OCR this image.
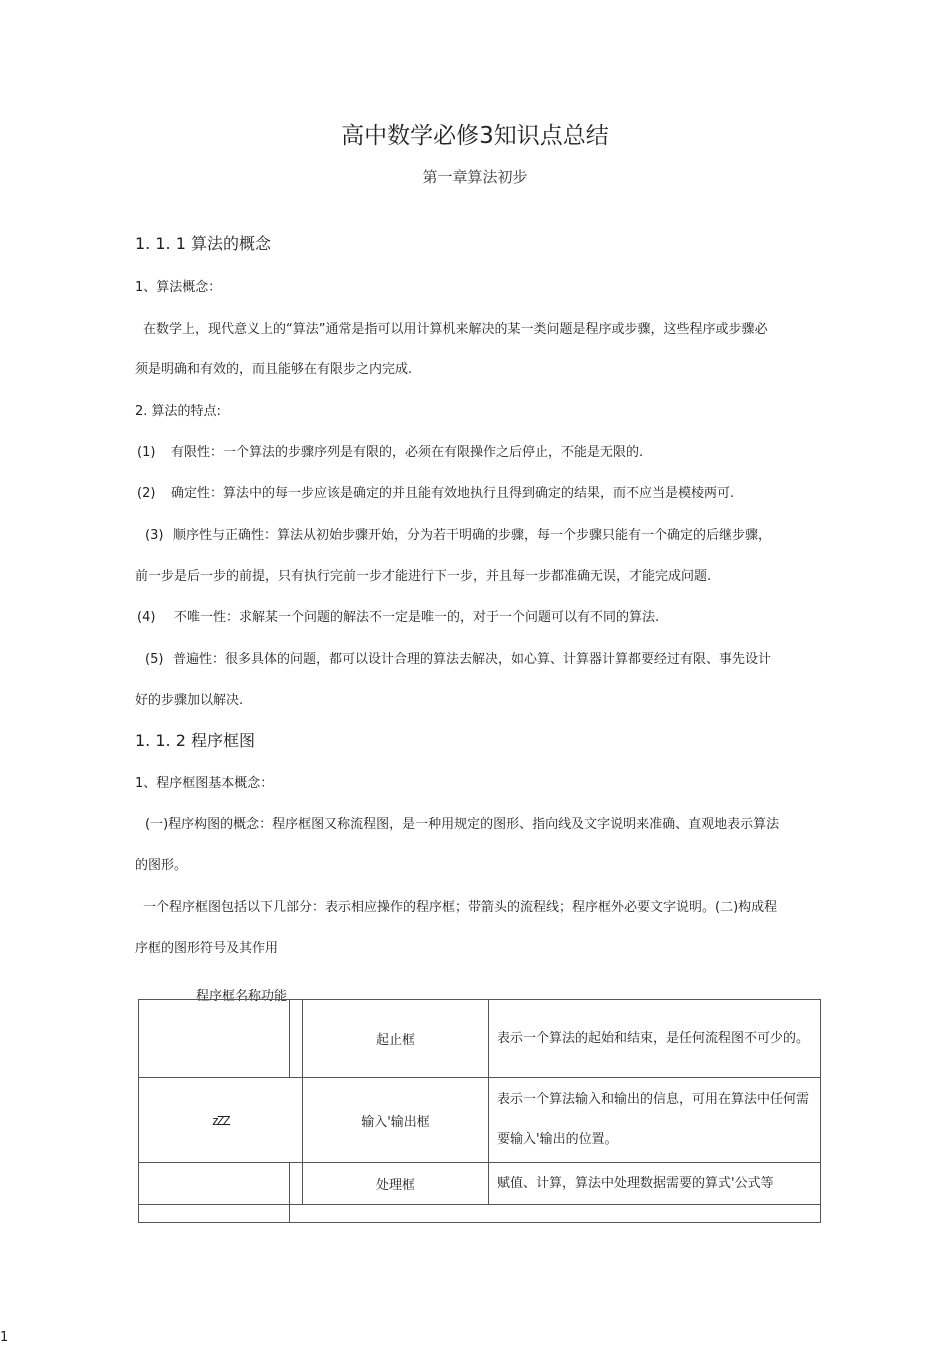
高中数学必修3知识点总结
第一章算法初步
1. 1. 1 算法的概念
1、算法概念：
在数学上，现代意义上的“算法”通常是指可以用计算机来解决的某一类问题是程序或步骤，这些程序或步骤必
须是明确和有效的，而且能够在有限步之内完成.
2. 算法的特点:
(1) 有限性：一个算法的步骤序列是有限的，必须在有限操作之后停止，不能是无限的.
(2) 确定性：算法中的每一步应该是确定的并且能有效地执行且得到确定的结果，而不应当是模棱两可.
(3) 顺序性与正确性：算法从初始步骤开始，分为若干明确的步骤，每一个步骤只能有一个确定的后继步骤，
前一步是后一步的前提，只有执行完前一步才能进行下一步，并且每一步都准确无误，才能完成问题.
(4) 不唯一性：求解某一个问题的解法不一定是唯一的，对于一个问题可以有不同的算法.
(5) 普遍性：很多具体的问题，都可以设计合理的算法去解决，如心算、计算器计算都要经过有限、事先设计
好的步骤加以解决.
1. 1. 2 程序框图
1、程序框图基本概念：
(一)程序构图的概念：程序框图又称流程图，是一种用规定的图形、指向线及文字说明来准确、直观地表示算法
的图形。
一个程序框图包括以下几部分：表示相应操作的程序框；带箭头的流程线；程序框外必要文字说明。(二)构成程
序框的图形符号及其作用
程序框名称功能
		起止框	表示一个算法的起始和结束，是任何流程图不可少的。
zZZ		输入'输出框	表示一个算法输入和输出的信息，可用在算法中任何需要输入'输出的位置。
		处理框	赋值、计算，算法中处理数据需要的算式'公式等

1
